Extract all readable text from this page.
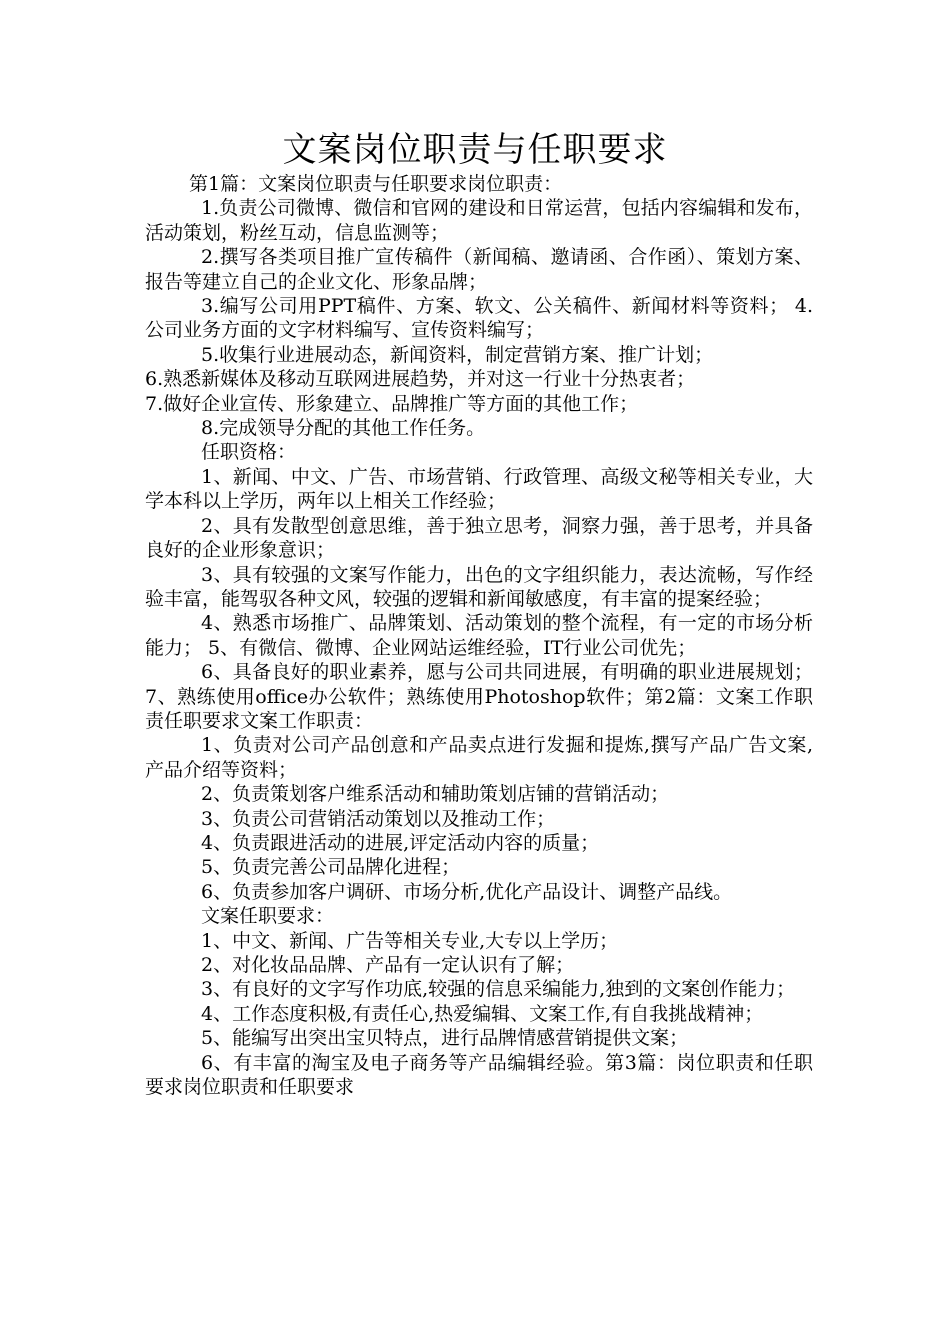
文案岗位职责与任职要求

第1篇：文案岗位职责与任职要求岗位职责：

1.负责公司微博、微信和官网的建设和日常运营，包括内容编辑和发布，活动策划，粉丝互动，信息监测等；

2.撰写各类项目推广宣传稿件（新闻稿、邀请函、合作函）、策划方案、报告等建立自己的企业文化、形象品牌；

3.编写公司用PPT稿件、方案、软文、公关稿件、新闻材料等资料； 4.公司业务方面的文字材料编写、宣传资料编写；

5.收集行业进展动态，新闻资料，制定营销方案、推广计划；

6.熟悉新媒体及移动互联网进展趋势，并对这一行业十分热衷者；

7.做好企业宣传、形象建立、品牌推广等方面的其他工作；

8.完成领导分配的其他工作任务。

任职资格：

1、新闻、中文、广告、市场营销、行政管理、高级文秘等相关专业，大学本科以上学历，两年以上相关工作经验；

2、具有发散型创意思维，善于独立思考，洞察力强，善于思考，并具备良好的企业形象意识；

3、具有较强的文案写作能力，出色的文字组织能力，表达流畅，写作经验丰富，能驾驭各种文风，较强的逻辑和新闻敏感度，有丰富的提案经验；

4、熟悉市场推广、品牌策划、活动策划的整个流程，有一定的市场分析能力； 5、有微信、微博、企业网站运维经验，IT行业公司优先；

6、具备良好的职业素养，愿与公司共同进展，有明确的职业进展规划； 7、熟练使用office办公软件；熟练使用Photoshop软件；第2篇：文案工作职责任职要求文案工作职责：

1、负责对公司产品创意和产品卖点进行发掘和提炼,撰写产品广告文案,产品介绍等资料；

2、负责策划客户维系活动和辅助策划店铺的营销活动；

3、负责公司营销活动策划以及推动工作；

4、负责跟进活动的进展,评定活动内容的质量；

5、负责完善公司品牌化进程；

6、负责参加客户调研、市场分析,优化产品设计、调整产品线。

文案任职要求：

1、中文、新闻、广告等相关专业,大专以上学历；

2、对化妆品品牌、产品有一定认识有了解；

3、有良好的文字写作功底,较强的信息采编能力,独到的文案创作能力；

4、工作态度积极,有责任心,热爱编辑、文案工作,有自我挑战精神；

5、能编写出突出宝贝特点，进行品牌情感营销提供文案；

6、有丰富的淘宝及电子商务等产品编辑经验。第3篇：岗位职责和任职要求岗位职责和任职要求
